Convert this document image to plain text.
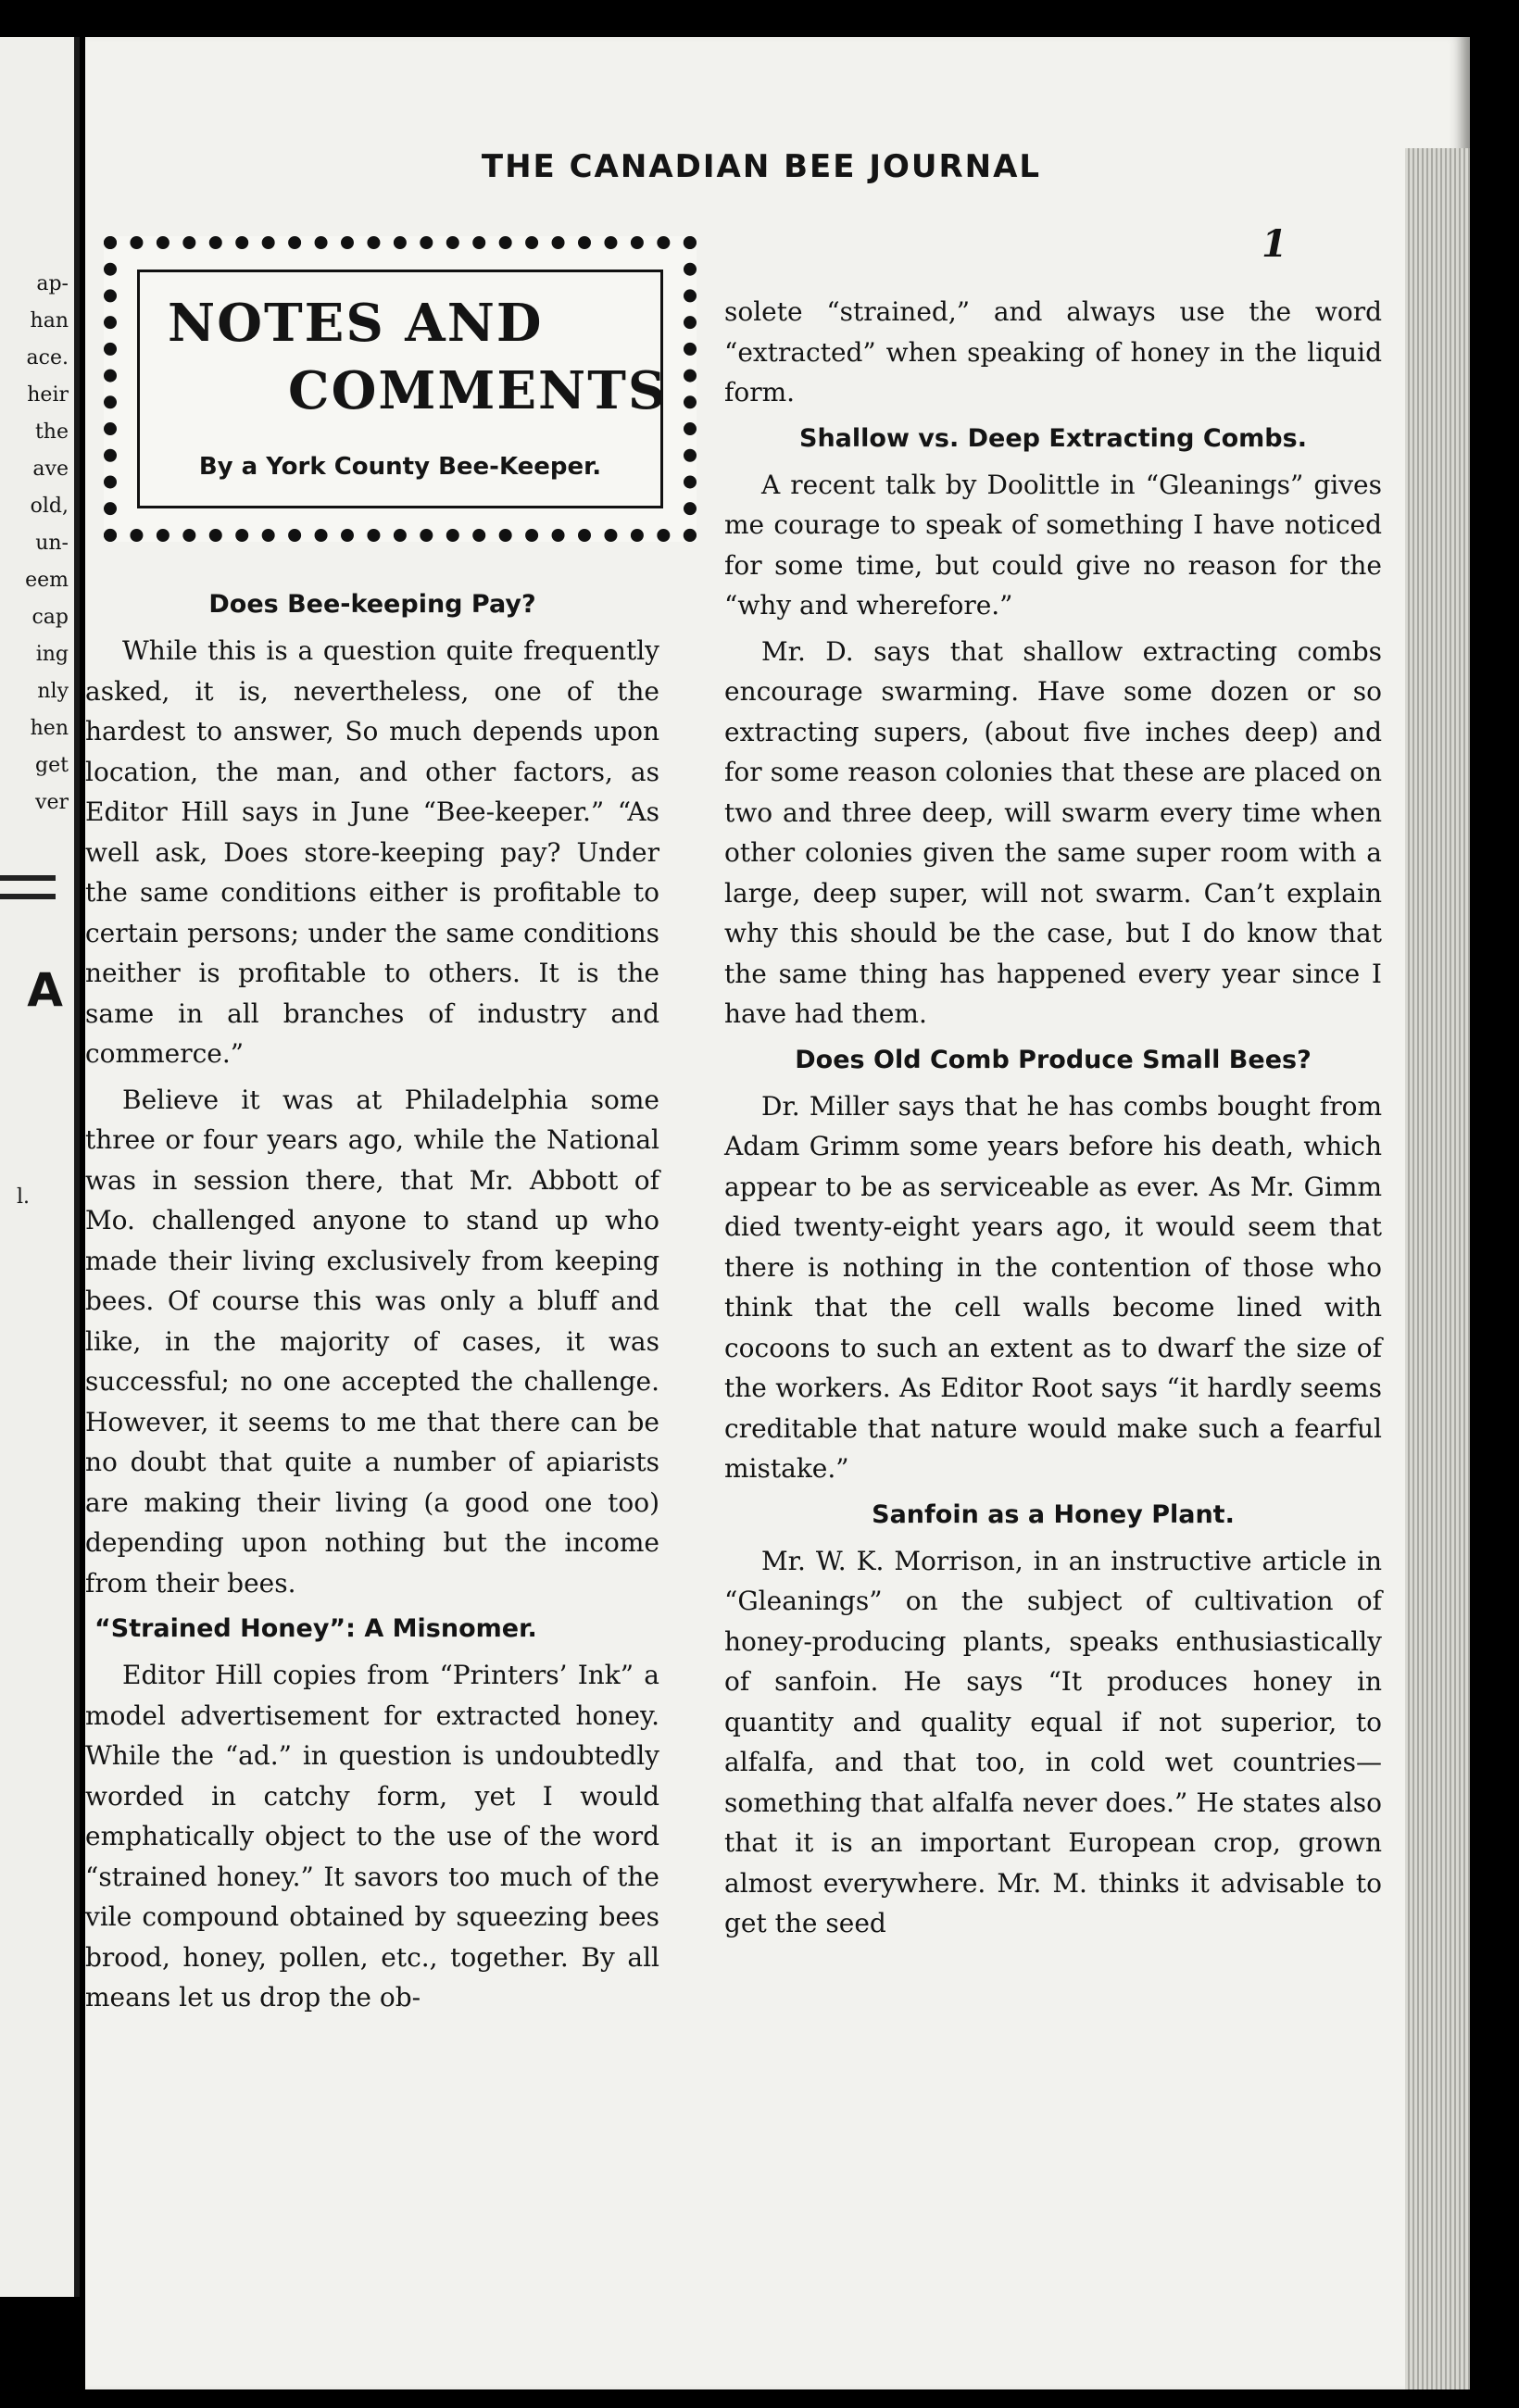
ap-
han
ace.
heir
the
ave
old,
un-
eem
cap
ing
nly
hen
get
ver
A
l.
THE CANADIAN BEE JOURNAL
1
NOTES AND
COMMENTS
By a York County Bee-Keeper.
Does Bee-keeping Pay?

While this is a question quite frequently asked, it is, nevertheless, one of the hardest to answer, So much depends upon location, the man, and other factors, as Editor Hill says in June “Bee-keeper.” “As well ask, Does store-keeping pay? Under the same conditions either is profitable to certain persons; under the same conditions neither is profitable to others. It is the same in all branches of industry and commerce.”

Believe it was at Philadelphia some three or four years ago, while the National was in session there, that Mr. Abbott of Mo. challenged anyone to stand up who made their living exclusively from keeping bees. Of course this was only a bluff and like, in the majority of cases, it was successful; no one accepted the challenge. However, it seems to me that there can be no doubt that quite a number of apiarists are making their living (a good one too) depending upon nothing but the income from their bees.

“Strained Honey”: A Misnomer.

Editor Hill copies from “Printers’ Ink” a model advertisement for extracted honey. While the “ad.” in question is undoubtedly worded in catchy form, yet I would emphatically object to the use of the word “strained honey.” It savors too much of the vile compound obtained by squeezing bees brood, honey, pollen, etc., together. By all means let us drop the ob-

solete “strained,” and always use the word “extracted” when speaking of honey in the liquid form.

Shallow vs. Deep Extracting Combs.

A recent talk by Doolittle in “Gleanings” gives me courage to speak of something I have noticed for some time, but could give no reason for the “why and wherefore.”

Mr. D. says that shallow extracting combs encourage swarming. Have some dozen or so extracting supers, (about five inches deep) and for some reason colonies that these are placed on two and three deep, will swarm every time when other colonies given the same super room with a large, deep super, will not swarm. Can’t explain why this should be the case, but I do know that the same thing has happened every year since I have had them.

Does Old Comb Produce Small Bees?

Dr. Miller says that he has combs bought from Adam Grimm some years before his death, which appear to be as serviceable as ever. As Mr. Gimm died twenty-eight years ago, it would seem that there is nothing in the contention of those who think that the cell walls become lined with cocoons to such an extent as to dwarf the size of the workers. As Editor Root says “it hardly seems creditable that nature would make such a fearful mistake.”

Sanfoin as a Honey Plant.

Mr. W. K. Morrison, in an instructive article in “Gleanings” on the subject of cultivation of honey-producing plants, speaks enthusiastically of sanfoin. He says “It produces honey in quantity and quality equal if not superior, to alfalfa, and that too, in cold wet countries—something that alfalfa never does.” He states also that it is an important European crop, grown almost everywhere. Mr. M. thinks it advisable to get the seed
